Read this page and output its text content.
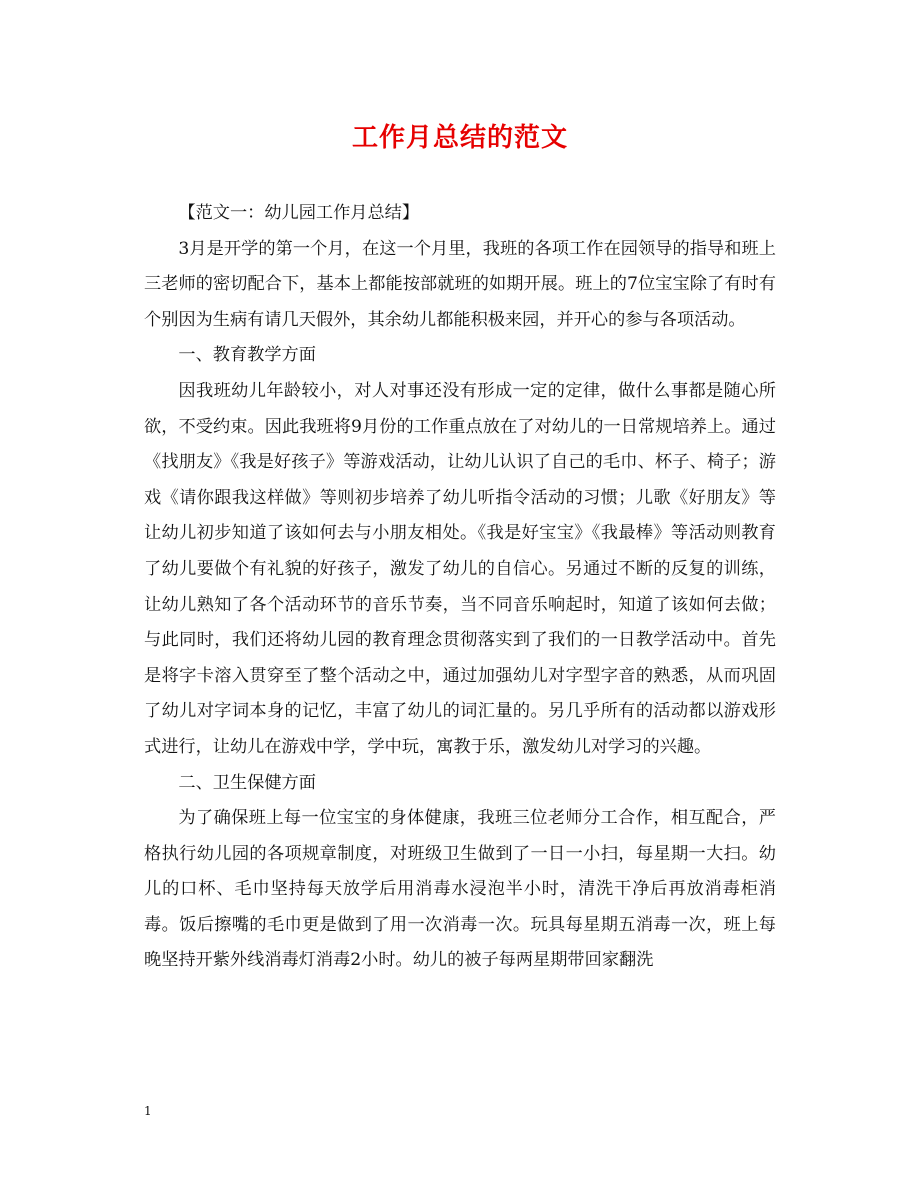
工作月总结的范文

【范文一：幼儿园工作月总结】

3月是开学的第一个月，在这一个月里，我班的各项工作在园领导的指导和班上三老师的密切配合下，基本上都能按部就班的如期开展。班上的7位宝宝除了有时有个别因为生病有请几天假外，其余幼儿都能积极来园，并开心的参与各项活动。

一、教育教学方面

因我班幼儿年龄较小，对人对事还没有形成一定的定律，做什么事都是随心所欲，不受约束。因此我班将9月份的工作重点放在了对幼儿的一日常规培养上。通过《找朋友》《我是好孩子》等游戏活动，让幼儿认识了自己的毛巾、杯子、椅子；游戏《请你跟我这样做》等则初步培养了幼儿听指令活动的习惯；儿歌《好朋友》等让幼儿初步知道了该如何去与小朋友相处。《我是好宝宝》《我最棒》等活动则教育了幼儿要做个有礼貌的好孩子，激发了幼儿的自信心。另通过不断的反复的训练，让幼儿熟知了各个活动环节的音乐节奏，当不同音乐响起时，知道了该如何去做；与此同时，我们还将幼儿园的教育理念贯彻落实到了我们的一日教学活动中。首先是将字卡溶入贯穿至了整个活动之中，通过加强幼儿对字型字音的熟悉，从而巩固了幼儿对字词本身的记忆，丰富了幼儿的词汇量的。另几乎所有的活动都以游戏形式进行，让幼儿在游戏中学，学中玩，寓教于乐，激发幼儿对学习的兴趣。

二、卫生保健方面

为了确保班上每一位宝宝的身体健康，我班三位老师分工合作，相互配合，严格执行幼儿园的各项规章制度，对班级卫生做到了一日一小扫，每星期一大扫。幼儿的口杯、毛巾坚持每天放学后用消毒水浸泡半小时，清洗干净后再放消毒柜消毒。饭后擦嘴的毛巾更是做到了用一次消毒一次。玩具每星期五消毒一次，班上每晚坚持开紫外线消毒灯消毒2小时。幼儿的被子每两星期带回家翻洗

1
